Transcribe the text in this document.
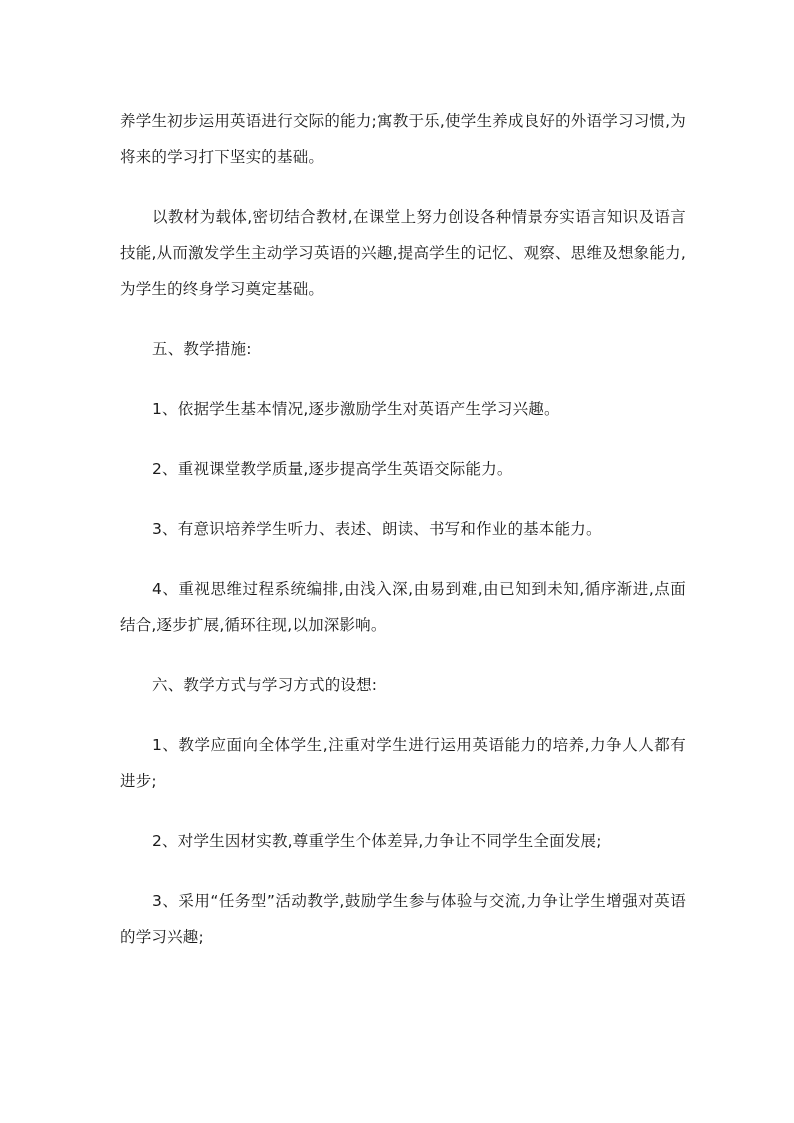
养学生初步运用英语进行交际的能力;寓教于乐,使学生养成良好的外语学习习惯,为将来的学习打下坚实的基础。

以教材为载体,密切结合教材,在课堂上努力创设各种情景夯实语言知识及语言技能,从而激发学生主动学习英语的兴趣,提高学生的记忆、观察、思维及想象能力,为学生的终身学习奠定基础。

五、教学措施:

1、依据学生基本情况,逐步激励学生对英语产生学习兴趣。

2、重视课堂教学质量,逐步提高学生英语交际能力。

3、有意识培养学生听力、表述、朗读、书写和作业的基本能力。

4、重视思维过程系统编排,由浅入深,由易到难,由已知到未知,循序渐进,点面结合,逐步扩展,循环往现,以加深影响。

六、教学方式与学习方式的设想:

1、教学应面向全体学生,注重对学生进行运用英语能力的培养,力争人人都有进步;

2、对学生因材实教,尊重学生个体差异,力争让不同学生全面发展;

3、采用“任务型”活动教学,鼓励学生参与体验与交流,力争让学生增强对英语的学习兴趣;
